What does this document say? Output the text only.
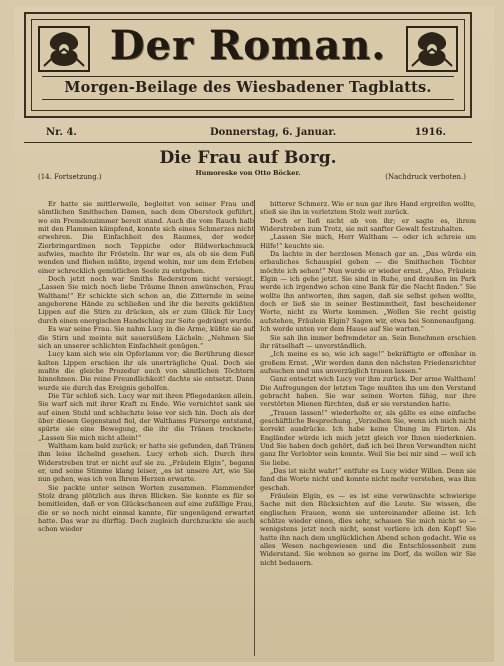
Der Roman.
Morgen-Beilage des Wiesbadener Tagblatts.
Nr. 4.	Donnerstag, 6. Januar.	1916.
Die Frau auf Borg.
Humoreske von Otto Böcker.
(14. Fortsetzung.)	(Nachdruck verboten.)

Er hatte sie mittlerweile, begleitet von seiner Frau und sämtlichen Smithschen Damen, nach dem Oberstock geführt, wo ein Fremdenzimmer bereit stand. Auch die vom Rauch halb mit den Flammen kämpfend, konnte sich eines Schmerzes nicht erwehren. Die Einfachheit des Raumes, der weder Zierbringardinen noch Teppiche oder Bildwerkschmuck aufwies, machte ihr Frösteln. Ihr war es, als ob sie dem Fuß wenden und fliehen müßte, irgend wohin, nur um dem Erleben einer schrecklich gemütlichen Seele zu entgehen.

Doch jetzt noch war Smiths Rederstrom nicht versiegt. „Lassen Sie mich noch liebe Träume Ihnen anwünschen, Frau Waltham!“ Er schickte sich schon an, die Zitternde in seine angeborene Hände zu schließen und ihr die bereits geküßten Lippen auf die Stirn zu drücken, als er zum Glück für Lucy durch einen energischen Handschlag zur Seite gedrängt wurde.

Es war seine Frau. Sie nahm Lucy in die Arme, küßte sie auf die Stirn und meinte mit sauersüßem Lächeln: „Nehmen Sie sich an unserer schlichten Einfachheit genügen.“

Lucy kam sich wie ein Opferlamm vor; die Berührung dieser kalten Lippen erschien ihr als unerträgliche Qual. Doch sie mußte die gleiche Prozedur auch von sämtlichen Töchtern hinnehmen. Die reine Freundlichkeit! dachte sie entsetzt. Dann wurde sie durch das Ereignis geholfen.

Die Tür schloß sich. Lucy war mit ihren Pflegedanken allein. Sie warf sich mit ihrer Kraft zu Ende. Wie vernichtet sank sie auf einen Stuhl und schluchzte leise vor sich hin. Doch als der über diesen Gegenstand fiel, der Walthams Fürsorge entstand, spürte sie eine Bewegung, die ihr die Tränen trocknete: „Lassen Sie mich nicht allein!“

Waltham kam bald zurück; er hatte sie gefunden, daß Tränen ihm leise lächelnd gesehen. Lucy erhob sich. Durch ihre Widerstreben trat er nicht auf sie zu. „Fräulein Elgin“, begann er, und seine Stimme klang leiser, „es ist unsere Art, wie Sie nun gehen, was ich von Ihrem Herzen erwarte.

Sie packte unter seinen Worten zusammen. Flammender Stolz drang plötzlich aus ihren Blicken. Sie konnte es für so bemitleiden, daß er von Glückschancen auf eine zufällige Frau, die er so noch nicht einmal kannte, für ungenügend erwartet hatte. Das war zu dürftig. Doch zugleich durchzuckte sie auch schon wieder

bitterer Schmerz. Wie er nun gar ihre Hand ergreifen wollte, stieß sie ihn in verletztem Stolz weit zurück.

Doch er ließ nicht ab von ihr; er sagte es, ihrem Widerstreben zum Trotz, sie mit sanfter Gewalt festzuhalten.

„Lassen Sie mich, Herr Waltham — oder ich schreie um Hilfe!“ keuchte sie.

Da lachte in der herzlosen Mensch gar an. „Das würde ein erbauliches Schauspiel geben — die Smithschen Töchter möchte ich sehen!“ Nun wurde er wieder ernst. „Also, Fräulein Elgin — ich gehe jetzt. Sie sind in Ruhe, und draußen im Park werde ich irgendwo schon eine Bank für die Nacht finden.“ Sie wollte ihn antworten, ihm sagen, daß sie selbst gehen wollte, doch er ließ sie in seiner Bestimmtheit, fast bescheidener Worte, nicht zu Worte kommen. „Wollen Sie recht geistig aufstehen, Fräulein Elgin? Sagen wir, etwa bei Sonnenaufgang. Ich werde unten vor dem Hause auf Sie warten.“

Sie sah ihn immer befremdeter an. Sein Benehmen erschien ihr rätselhaft — unverständlich.

„Ich meine es so, wie ich sage!“ bekräftigte er offenbar in großem Ernst. „Wir werden dann den nächsten Friedensrichter aufsuchen und uns unverzüglich trauen lassen.“

Ganz entsetzt wich Lucy vor ihm zurück. Der arme Waltham! Die Aufregungen der letzten Tage mußten ihn um den Verstand gebracht haben. Sie war seinen Worten fähig, nur ihre verstörten Mienen fürchten, daß er sie verstanden hatte.

„Trauen lassen!“ wiederholte er, als gälte es eine einfache geschäftliche Besprechung. „Verzeihen Sie, wenn ich mich nicht korrekt ausdrücke. Ich habe keine Übung im Flirten. Als Engländer würde ich mich jetzt gleich vor Ihnen niederknien. Und Sie haben doch gehört, daß ich bei Ihren Verwandten nicht ganz Ihr Verlobter sein konnte. Weil Sie bei mir sind — weil ich Sie liebe.

„Das ist nicht wahr!“ entfuhr es Lucy wider Willen. Denn sie fand die Worte nicht und konnte nicht mehr verstehen, was ihm geschah.

Fräulein Elgin, es — es ist eine verwünschte schwierige Sache mit den Rücksichten auf die Leute. Sie wissen, die englischen Frauen, wenn sie untereinander alleine ist. Ich schätze wieder einen, dies sehr, schauen Sie mich nicht so — wenigstens jetzt noch nicht, sonst verliere ich den Kopf! Sie hatte ihn nach dem unglücklichen Abend schon gedacht. Wie es alles Wesen nachgewiesen und die Entschlossenheit zum Widerstand. Sie wohnen so gerne im Dorf, da wollen wir Sie nicht bedauern.
